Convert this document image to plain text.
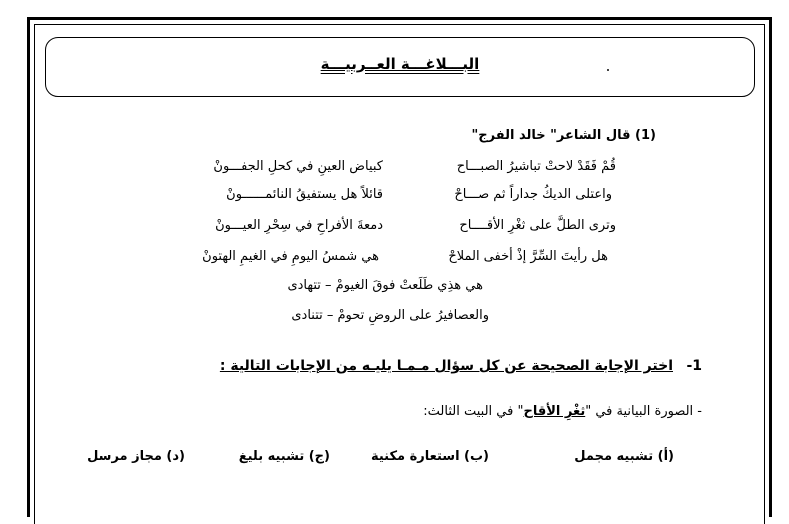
البـــلاغـــة العــربيـــة
(1) قال الشاعر" خالد الفرج"
قُمْ فَقَدْ لاحتْ تباشيرُ الصبـــاح
كبياض العينِ في كحلِ الجفـــونْ
واعتلى الديكُ جداراً ثم صـــاحْ
قائلاً هل يستفيقُ النائمــــــونْ
وترى الطلَّ على ثغْرِ الأقــــاح
دمعةَ الأفراحِ في سِحْرِ العيـــونْ
هل رأيتَ السِّرَّ إذْ أخفى الملاحْ
هي شمسُ اليومِ في الغيمِ الهتونْ
هي هذِي طَلَعتْ فوقَ الغيومْ – تتهادى
والعصافيرُ على الروضِ تحومْ – تتنادى
1-
اختر الإجابة الصحيحة عن كل سؤال مـمـا يليـه من الإجابات التالية :
- الصورة البيانية في "ثغْرِ الأقاح" في البيت الثالث:
(أ) تشبيه مجمل
(ب) استعارة مكنية
(ج) تشبيه بليغ
(د) مجاز مرسل
